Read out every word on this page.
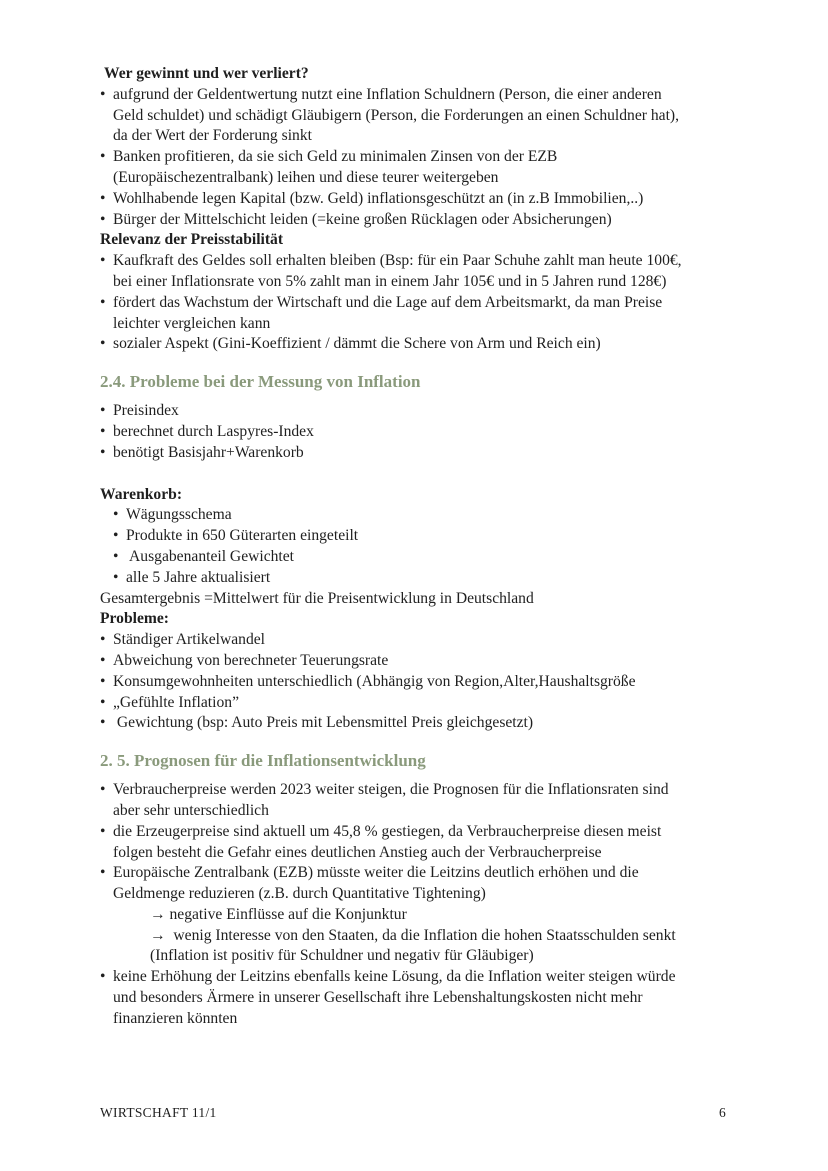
Wer gewinnt und wer verliert?
• aufgrund der Geldentwertung nutzt eine Inflation Schuldnern (Person, die einer anderen
Geld schuldet) und schädigt Gläubigern (Person, die Forderungen an einen Schuldner hat),
da der Wert der Forderung sinkt
• Banken profitieren, da sie sich Geld zu minimalen Zinsen von der EZB
(Europäischezentralbank) leihen und diese teurer weitergeben
• Wohlhabende legen Kapital (bzw. Geld) inflationsgeschützt an (in z.B Immobilien,..)
• Bürger der Mittelschicht leiden (=keine großen Rücklagen oder Absicherungen)
Relevanz der Preisstabilität
• Kaufkraft des Geldes soll erhalten bleiben (Bsp: für ein Paar Schuhe zahlt man heute 100€,
bei einer Inflationsrate von 5% zahlt man in einem Jahr 105€ und in 5 Jahren rund 128€)
• fördert das Wachstum der Wirtschaft und die Lage auf dem Arbeitsmarkt, da man Preise
leichter vergleichen kann
• sozialer Aspekt (Gini-Koeffizient / dämmt die Schere von Arm und Reich ein)
2.4. Probleme bei der Messung von Inflation
• Preisindex
• berechnet durch Laspyres-Index
• benötigt Basisjahr+Warenkorb
Warenkorb:
• Wägungsschema
• Produkte in 650 Güterarten eingeteilt
• Ausgabenanteil Gewichtet
• alle 5 Jahre aktualisiert
Gesamtergebnis =Mittelwert für die Preisentwicklung in Deutschland
Probleme:
• Ständiger Artikelwandel
• Abweichung von berechneter Teuerungsrate
• Konsumgewohnheiten unterschiedlich (Abhängig von Region,Alter,Haushaltsgröße
• „Gefühlte Inflation”
• Gewichtung (bsp: Auto Preis mit Lebensmittel Preis gleichgesetzt)
2. 5. Prognosen für die Inflationsentwicklung
• Verbraucherpreise werden 2023 weiter steigen, die Prognosen für die Inflationsraten sind
aber sehr unterschiedlich
• die Erzeugerpreise sind aktuell um 45,8 % gestiegen, da Verbraucherpreise diesen meist
folgen besteht die Gefahr eines deutlichen Anstieg auch der Verbraucherpreise
• Europäische Zentralbank (EZB) müsste weiter die Leitzins deutlich erhöhen und die
Geldmenge reduzieren (z.B. durch Quantitative Tightening)
→ negative Einflüsse auf die Konjunktur
→  wenig Interesse von den Staaten, da die Inflation die hohen Staatsschulden senkt
(Inflation ist positiv für Schuldner und negativ für Gläubiger)
• keine Erhöhung der Leitzins ebenfalls keine Lösung, da die Inflation weiter steigen würde
und besonders Ärmere in unserer Gesellschaft ihre Lebenshaltungskosten nicht mehr
finanzieren könnten
WIRTSCHAFT 11/1	6
